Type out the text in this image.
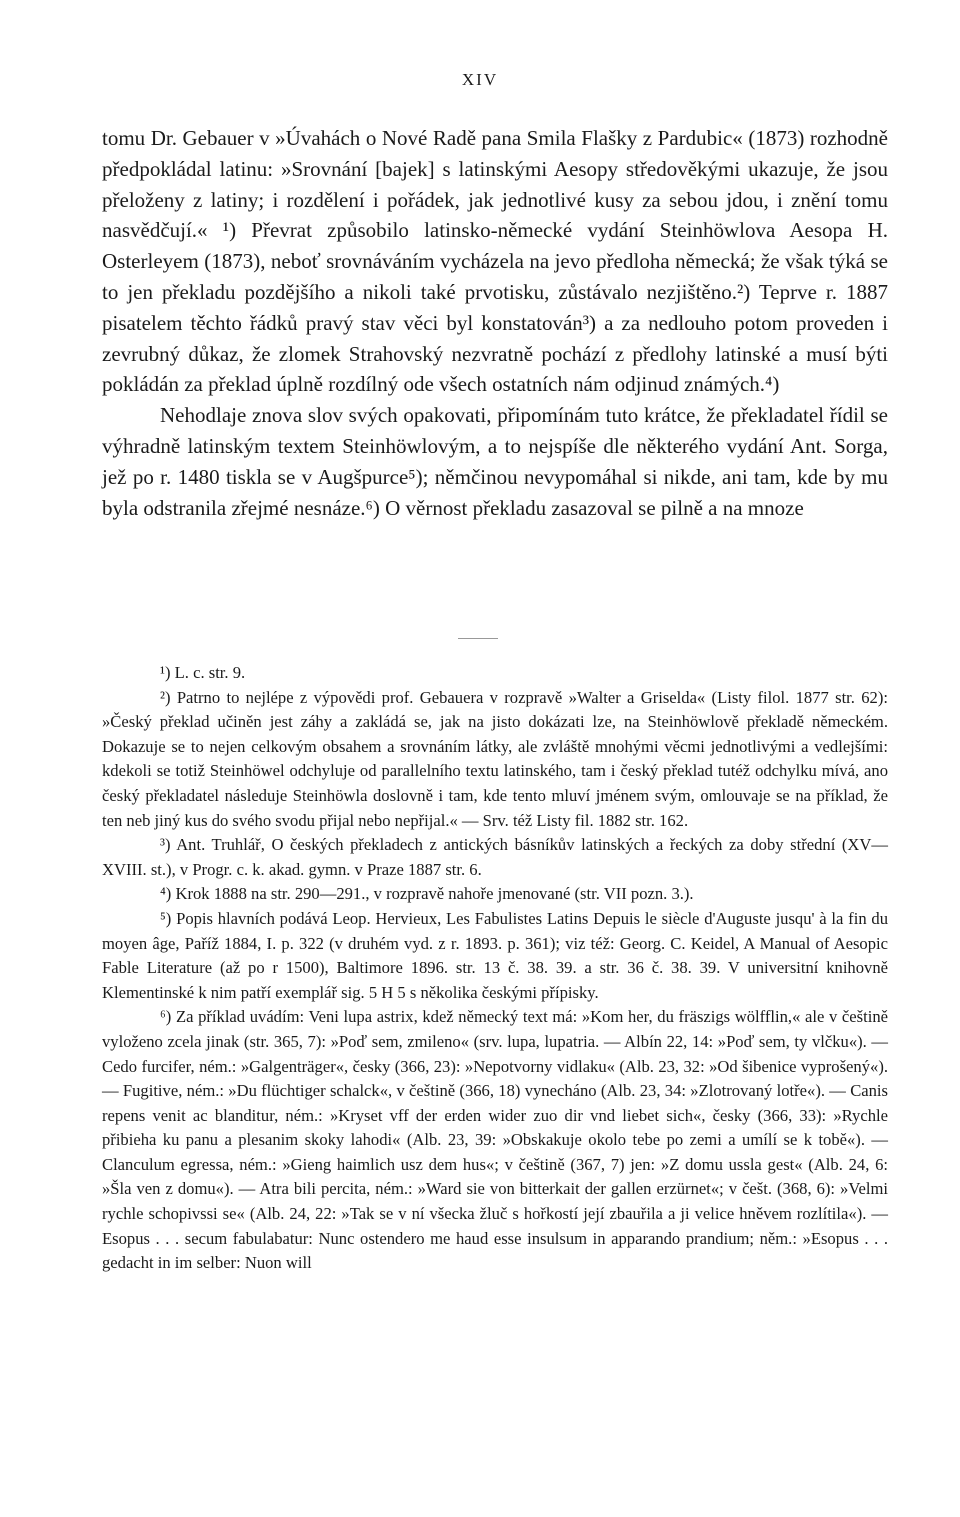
XIV

tomu Dr. Gebauer v »Úvahách o Nové Radě pana Smila Flašky z Pardubic« (1873) rozhodně předpokládal latinu: »Srovnání [bajek] s latinskými Aesopy středověkými ukazuje, že jsou přeloženy z latiny; i rozdělení i pořádek, jak jednotlivé kusy za sebou jdou, i znění tomu nasvědčují.« ¹) Převrat způsobilo latinsko-německé vydání Steinhöwlova Aesopa H. Osterleyem (1873), neboť srovnáváním vycházela na jevo předloha německá; že však týká se to jen překladu pozdějšího a nikoli také prvotisku, zůstávalo nezjištěno.²) Teprve r. 1887 pisatelem těchto řádků pravý stav věci byl konstatován³) a za nedlouho potom proveden i zevrubný důkaz, že zlomek Strahovský nezvratně pochází z předlohy latinské a musí býti pokládán za překlad úplně rozdílný ode všech ostatních nám odjinud známých.⁴)

Nehodlaje znova slov svých opakovati, připomínám tuto krátce, že překladatel řídil se výhradně latinským textem Steinhöwlovým, a to nejspíše dle některého vydání Ant. Sorga, jež po r. 1480 tiskla se v Augšpurce⁵); němčinou nevypomáhal si nikde, ani tam, kde by mu byla odstranila zřejmé nesnáze.⁶) O věrnost překladu zasazoval se pilně a na mnoze

¹) L. c. str. 9.

²) Patrno to nejlépe z výpovědi prof. Gebauera v rozpravě »Walter a Griselda« (Listy filol. 1877 str. 62): »Český překlad učiněn jest záhy a zakládá se, jak na jisto dokázati lze, na Steinhöwlově překladě německém. Dokazuje se to nejen celkovým obsahem a srovnáním látky, ale zvláště mnohými věcmi jednotlivými a vedlejšími: kdekoli se totiž Steinhöwel odchyluje od parallelního textu latinského, tam i český překlad tutéž odchylku mívá, ano český překladatel následuje Steinhöwla doslovně i tam, kde tento mluví jménem svým, omlouvaje se na příklad, že ten neb jiný kus do svého svodu přijal nebo nepřijal.« — Srv. též Listy fil. 1882 str. 162.

³) Ant. Truhlář, O českých překladech z antických básníkův latinských a řeckých za doby střední (XV—XVIII. st.), v Progr. c. k. akad. gymn. v Praze 1887 str. 6.

⁴) Krok 1888 na str. 290—291., v rozpravě nahoře jmenované (str. VII pozn. 3.).

⁵) Popis hlavních podává Leop. Hervieux, Les Fabulistes Latins Depuis le siècle d'Auguste jusqu' à la fin du moyen âge, Paříž 1884, I. p. 322 (v druhém vyd. z r. 1893. p. 361); viz též: Georg. C. Keidel, A Manual of Aesopic Fable Literature (až po r 1500), Baltimore 1896. str. 13 č. 38. 39. a str. 36 č. 38. 39. V universitní knihovně Klementinské k nim patří exemplář sig. 5 H 5 s několika českými přípisky.

⁶) Za příklad uvádím: Veni lupa astrix, kdež německý text má: »Kom her, du fräszigs wölfflin,« ale v češtině vyloženo zcela jinak (str. 365, 7): »Poď sem, zmileno« (srv. lupa, lupatria. — Albín 22, 14: »Poď sem, ty vlčku«). — Cedo furcifer, ném.: »Galgenträger«, česky (366, 23): »Nepotvorny vidlaku« (Alb. 23, 32: »Od šibenice vyprošený«). — Fugitive, ném.: »Du flüchtiger schalck«, v češtině (366, 18) vynecháno (Alb. 23, 34: »Zlotrovaný lotře«). — Canis repens venit ac blanditur, ném.: »Kryset vff der erden wider zuo dir vnd liebet sich«, česky (366, 33): »Rychle přibieha ku panu a plesanim skoky lahodi« (Alb. 23, 39: »Obskakuje okolo tebe po zemi a umílí se k tobě«). — Clanculum egressa, ném.: »Gieng haimlich usz dem hus«; v češtině (367, 7) jen: »Z domu ussla gest« (Alb. 24, 6: »Šla ven z domu«). — Atra bili percita, ném.: »Ward sie von bitterkait der gallen erzürnet«; v češt. (368, 6): »Velmi rychle schopivssi se« (Alb. 24, 22: »Tak se v ní všecka žluč s hořkostí její zbauřila a ji velice hněvem rozlítila«). — Esopus . . . secum fabulabatur: Nunc ostendero me haud esse insulsum in apparando prandium; něm.: »Esopus . . . gedacht in im selber: Nuon will
